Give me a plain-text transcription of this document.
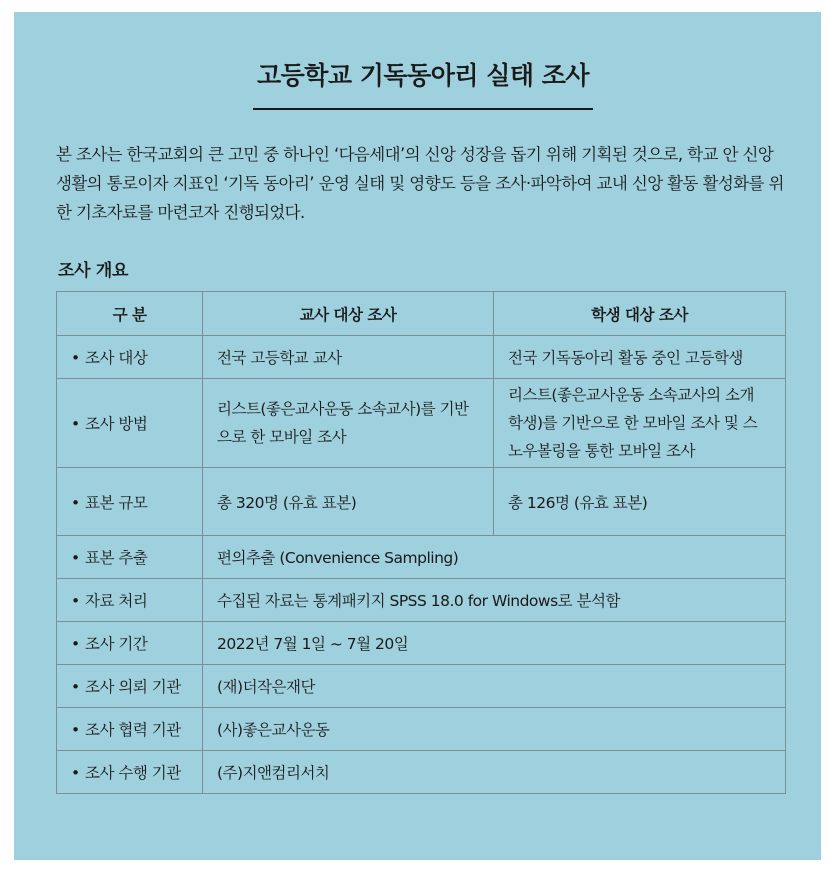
고등학교 기독동아리 실태 조사
본 조사는 한국교회의 큰 고민 중 하나인 ‘다음세대’의 신앙 성장을 돕기 위해 기획된 것으로, 학교 안 신앙 생활의 통로이자 지표인 ‘기독 동아리’ 운영 실태 및 영향도 등을 조사·파악하여 교내 신앙 활동 활성화를 위한 기초자료를 마련코자 진행되었다.
조사 개요
구 분	교사 대상 조사	학생 대상 조사
• 조사 대상	전국 고등학교 교사	전국 기독동아리 활동 중인 고등학생
• 조사 방법	리스트(좋은교사운동 소속교사)를 기반으로 한 모바일 조사	리스트(좋은교사운동 소속교사의 소개 학생)를 기반으로 한 모바일 조사 및 스노우볼링을 통한 모바일 조사
• 표본 규모	총 320명 (유효 표본)	총 126명 (유효 표본)
• 표본 추출	편의추출 (Convenience Sampling)	
• 자료 처리	수집된 자료는 통계패키지 SPSS 18.0 for Windows로 분석함	
• 조사 기간	2022년 7월 1일 ~ 7월 20일	
• 조사 의뢰 기관	(재)더작은재단	
• 조사 협력 기관	(사)좋은교사운동	
• 조사 수행 기관	(주)지앤컴리서치	
